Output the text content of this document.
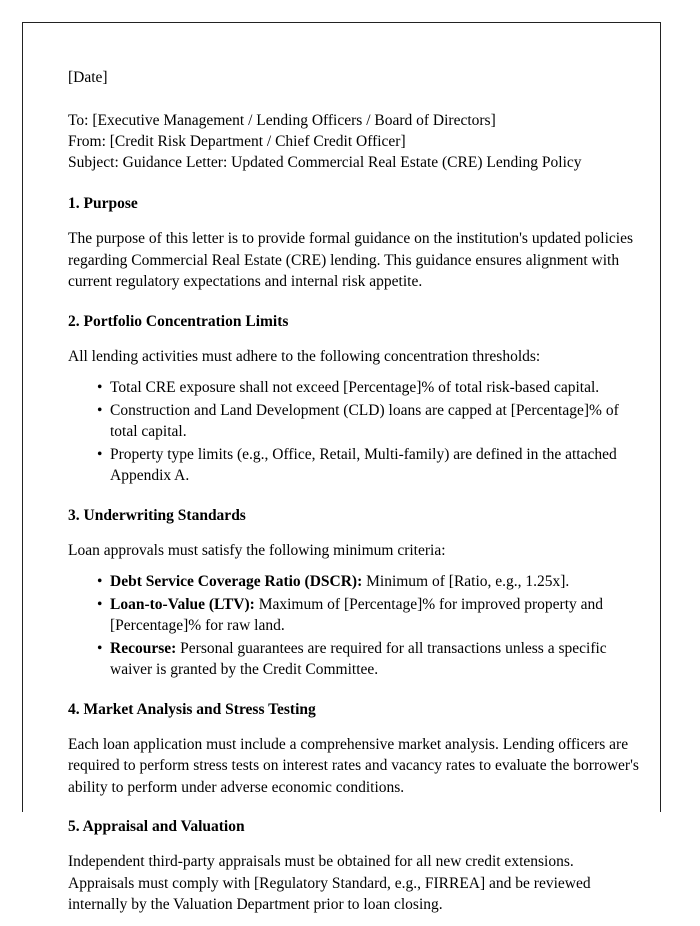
[Date]
To: [Executive Management / Lending Officers / Board of Directors]
From: [Credit Risk Department / Chief Credit Officer]
Subject: Guidance Letter: Updated Commercial Real Estate (CRE) Lending Policy
1. Purpose

The purpose of this letter is to provide formal guidance on the institution's updated policies regarding Commercial Real Estate (CRE) lending. This guidance ensures alignment with current regulatory expectations and internal risk appetite.

2. Portfolio Concentration Limits

All lending activities must adhere to the following concentration thresholds:

• Total CRE exposure shall not exceed [Percentage]% of total risk-based capital.
• Construction and Land Development (CLD) loans are capped at [Percentage]% of total capital.
• Property type limits (e.g., Office, Retail, Multi-family) are defined in the attached Appendix A.
3. Underwriting Standards

Loan approvals must satisfy the following minimum criteria:

• Debt Service Coverage Ratio (DSCR): Minimum of [Ratio, e.g., 1.25x].
• Loan-to-Value (LTV): Maximum of [Percentage]% for improved property and [Percentage]% for raw land.
• Recourse: Personal guarantees are required for all transactions unless a specific waiver is granted by the Credit Committee.
4. Market Analysis and Stress Testing

Each loan application must include a comprehensive market analysis. Lending officers are required to perform stress tests on interest rates and vacancy rates to evaluate the borrower's ability to perform under adverse economic conditions.

5. Appraisal and Valuation

Independent third-party appraisals must be obtained for all new credit extensions. Appraisals must comply with [Regulatory Standard, e.g., FIRREA] and be reviewed internally by the Valuation Department prior to loan closing.
